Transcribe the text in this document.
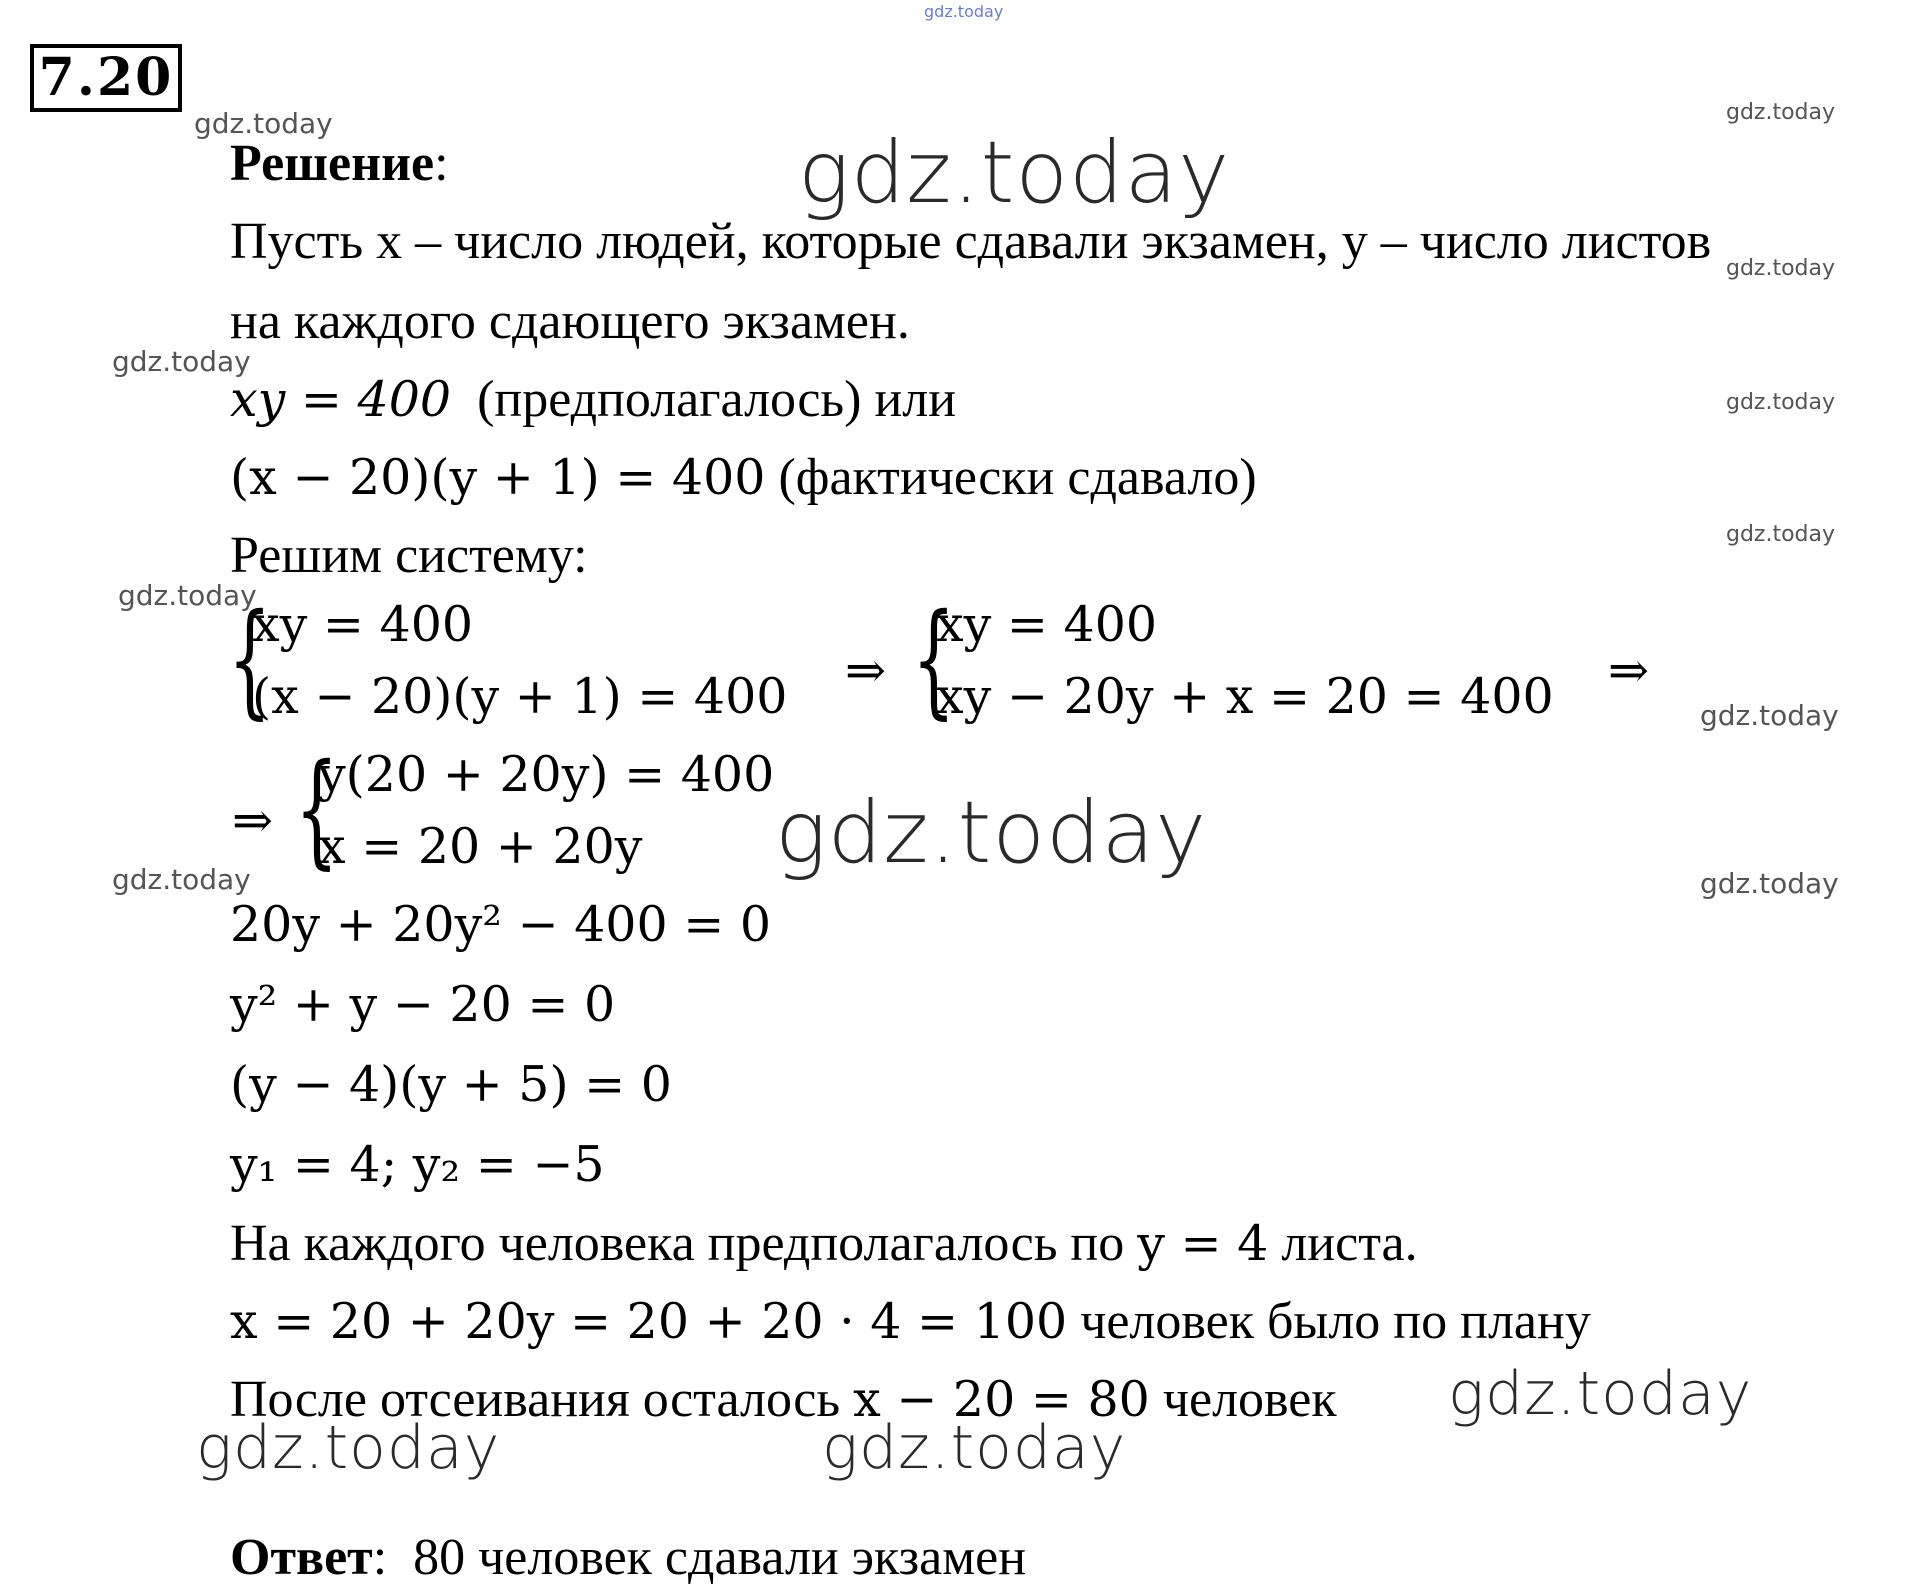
7.20
Решение:
Пусть x – число людей, которые сдавали экзамен, y – число листов
на каждого сдающего экзамен.
xy = 400 (предполагалось) или
(x − 20)(y + 1) = 400 (фактически сдавало)
Решим систему:
{
xy = 400
(x − 20)(y + 1) = 400 ⇒ {
xy = 400
xy − 20y + x = 20 = 400 ⇒
⇒ {
y(20 + 20y) = 400
x = 20 + 20y
20y + 20y² − 400 = 0
y² + y − 20 = 0
(y − 4)(y + 5) = 0
y₁ = 4; y₂ = −5
На каждого человека предполагалось по y = 4 листа.
x = 20 + 20y = 20 + 20 · 4 = 100 человек было по плану
После отсеивания осталось x − 20 = 80 человек
Ответ: 80 человек сдавали экзамен
gdz.today
gdz.today	gdz.today
gdz.today
gdz.today
gdz.today
gdz.today
gdz.today
gdz.today
gdz.today
gdz.today
gdz.today	gdz.today
gdz.today
gdz.today	gdz.today
